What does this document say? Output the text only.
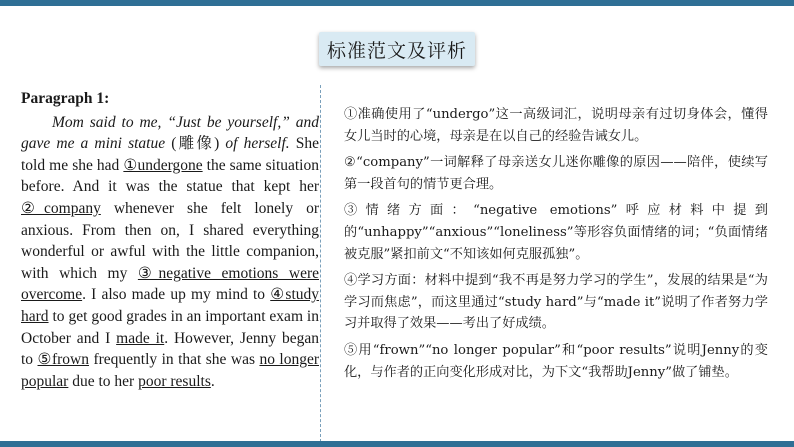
标准范文及评析

Paragraph 1:

Mom said to me, “Just be yourself,” and gave me a mini statue (雕像) of herself. She told me she had ①undergone the same situation before. And it was the statue that kept her ②company whenever she felt lonely or anxious. From then on, I shared everything wonderful or awful with the little companion, with which my ③negative emotions were overcome. I also made up my mind to ④study hard to get good grades in an important exam in October and I made it. However, Jenny began to ⑤frown frequently in that she was no longer popular due to her poor results.

①准确使用了“undergo”这一高级词汇，说明母亲有过切身体会，懂得女儿当时的心境，母亲是在以自己的经验告诫女儿。

②“company”一词解释了母亲送女儿迷你雕像的原因——陪伴，使续写第一段首句的情节更合理。

③情绪方面：“negative emotions”呼应材料中提到的“unhappy”“anxious”“loneliness”等形容负面情绪的词；“负面情绪被克服”紧扣前文“不知该如何克服孤独”。

④学习方面：材料中提到“我不再是努力学习的学生”，发展的结果是“为学习而焦虑”，而这里通过“study hard”与“made it”说明了作者努力学习并取得了效果——考出了好成绩。

⑤用“frown”“no longer popular”和“poor results”说明Jenny的变化，与作者的正向变化形成对比，为下文“我帮助Jenny”做了铺垫。
